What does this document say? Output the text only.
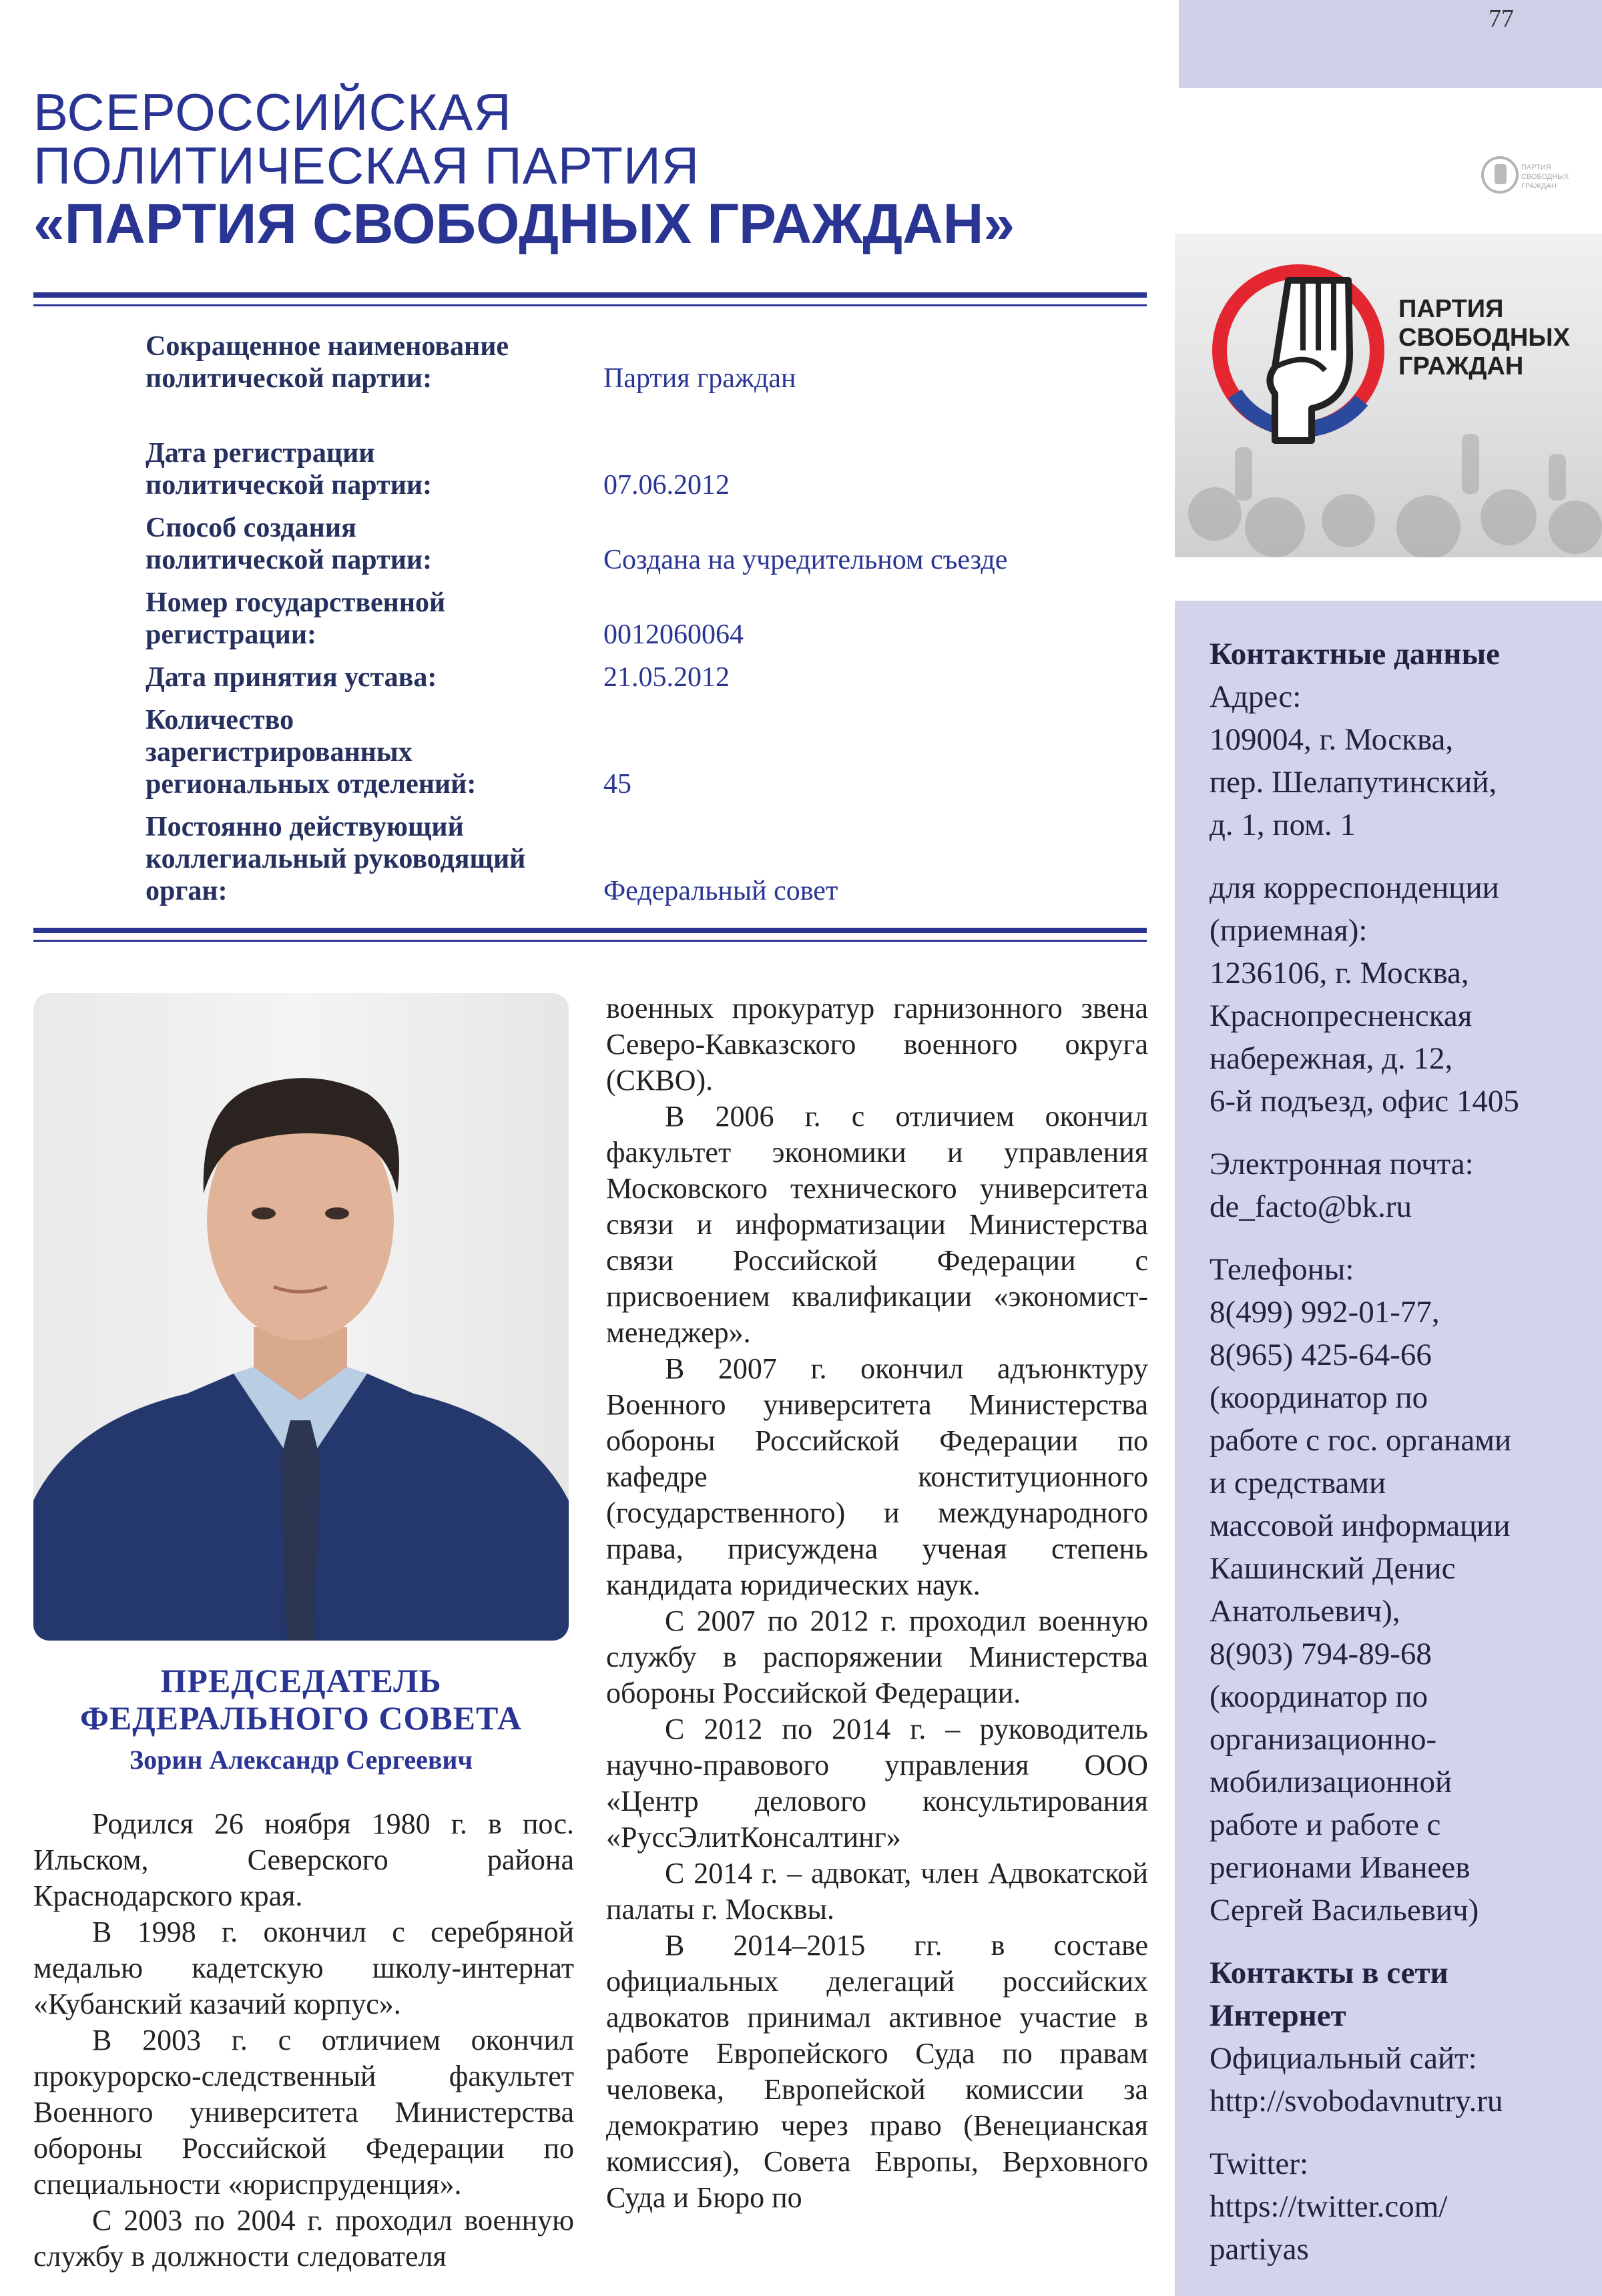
77
ПАРТИЯ
СВОБОДНЫХ
ГРАЖДАН
ПАРТИЯ
СВОБОДНЫХ
ГРАЖДАН

Контактные данные
Адрес:
109004, г. Москва,
пер. Шелапутинский,
д. 1, пом. 1

для корреспонденции
(приемная):
1236106, г. Москва,
Краснопресненская
набережная, д. 12,
6-й подъезд, офис 1405

Электронная почта:
de_facto@bk.ru

Телефоны:
8(499) 992-01-77,
8(965) 425-64-66
(координатор по
работе с гос. органами
и средствами
массовой информации
Кашинский Денис
Анатольевич),
8(903) 794-89-68
(координатор по
организационно-
мобилизационной
работе и работе с
регионами Иванеев
Сергей Васильевич)

Контакты в сети
Интернет
Официальный сайт:
http://svobodavnutry.ru

Twitter:
https://twitter.com/
partiyas

ВСЕРОССИЙСКАЯ
ПОЛИТИЧЕСКАЯ ПАРТИЯ
«ПАРТИЯ СВОБОДНЫХ ГРАЖДАН»
Сокращенное наименование
политической партии:	Партия граждан
Дата регистрации
политической партии:	07.06.2012
Способ создания
политической партии:	Создана на учредительном съезде
Номер государственной
регистрации:	0012060064
Дата принятия устава:	21.05.2012
Количество
зарегистрированных
региональных отделений:	45
Постоянно действующий
коллегиальный руководящий
орган:	Федеральный совет
ПРЕДСЕДАТЕЛЬ
ФЕДЕРАЛЬНОГО СОВЕТА
Зорин Александр Сергеевич

Родился 26 ноября 1980 г. в пос. Ильском, Северского района Краснодарского края.

В 1998 г. окончил с серебряной медалью кадетскую школу-интернат «Кубанский казачий корпус».

В 2003 г. с отличием окончил прокурорско-следственный факультет Военного университета Министерства обороны Российской Федерации по специальности «юриспруденция».

С 2003 по 2004 г. проходил военную службу в должности следователя

военных прокуратур гарнизонного звена Северо-Кавказского военного округа (СКВО).

В 2006 г. с отличием окончил факультет экономики и управления Московского технического университета связи и информатизации Министерства связи Российской Федерации с присвоением квалификации «экономист-менеджер».

В 2007 г. окончил адъюнктуру Военного университета Министерства обороны Российской Федерации по кафедре конституционного (государственного) и международного права, присуждена ученая степень кандидата юридических наук.

С 2007 по 2012 г. проходил военную службу в распоряжении Министерства обороны Российской Федерации.

С 2012 по 2014 г. – руководитель научно-правового управления ООО «Центр делового консультирования «РуссЭлитКонсалтинг»

С 2014 г. – адвокат, член Адвокатской палаты г. Москвы.

В 2014–2015 гг. в составе официальных делегаций российских адвокатов принимал активное участие в работе Европейского Суда по правам человека, Европейской комиссии за демократию через право (Венецианская комиссия), Совета Европы, Верховного Суда и Бюро по
